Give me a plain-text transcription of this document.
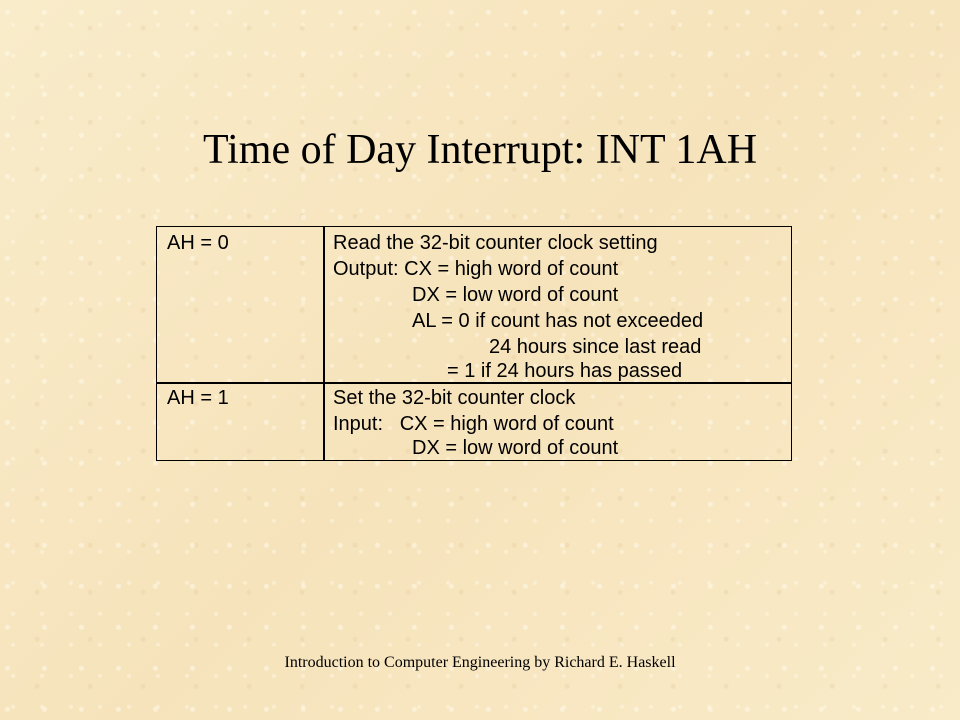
Time of Day Interrupt: INT 1AH
AH = 0	Read the 32-bit counter clock setting
Output: CX = high word of count
DX = low word of count
AL = 0 if count has not exceeded
24 hours since last read
= 1 if 24 hours has passed
AH = 1	Set the 32-bit counter clock
Input:   CX = high word of count
DX = low word of count
Introduction to Computer Engineering by Richard E. Haskell
